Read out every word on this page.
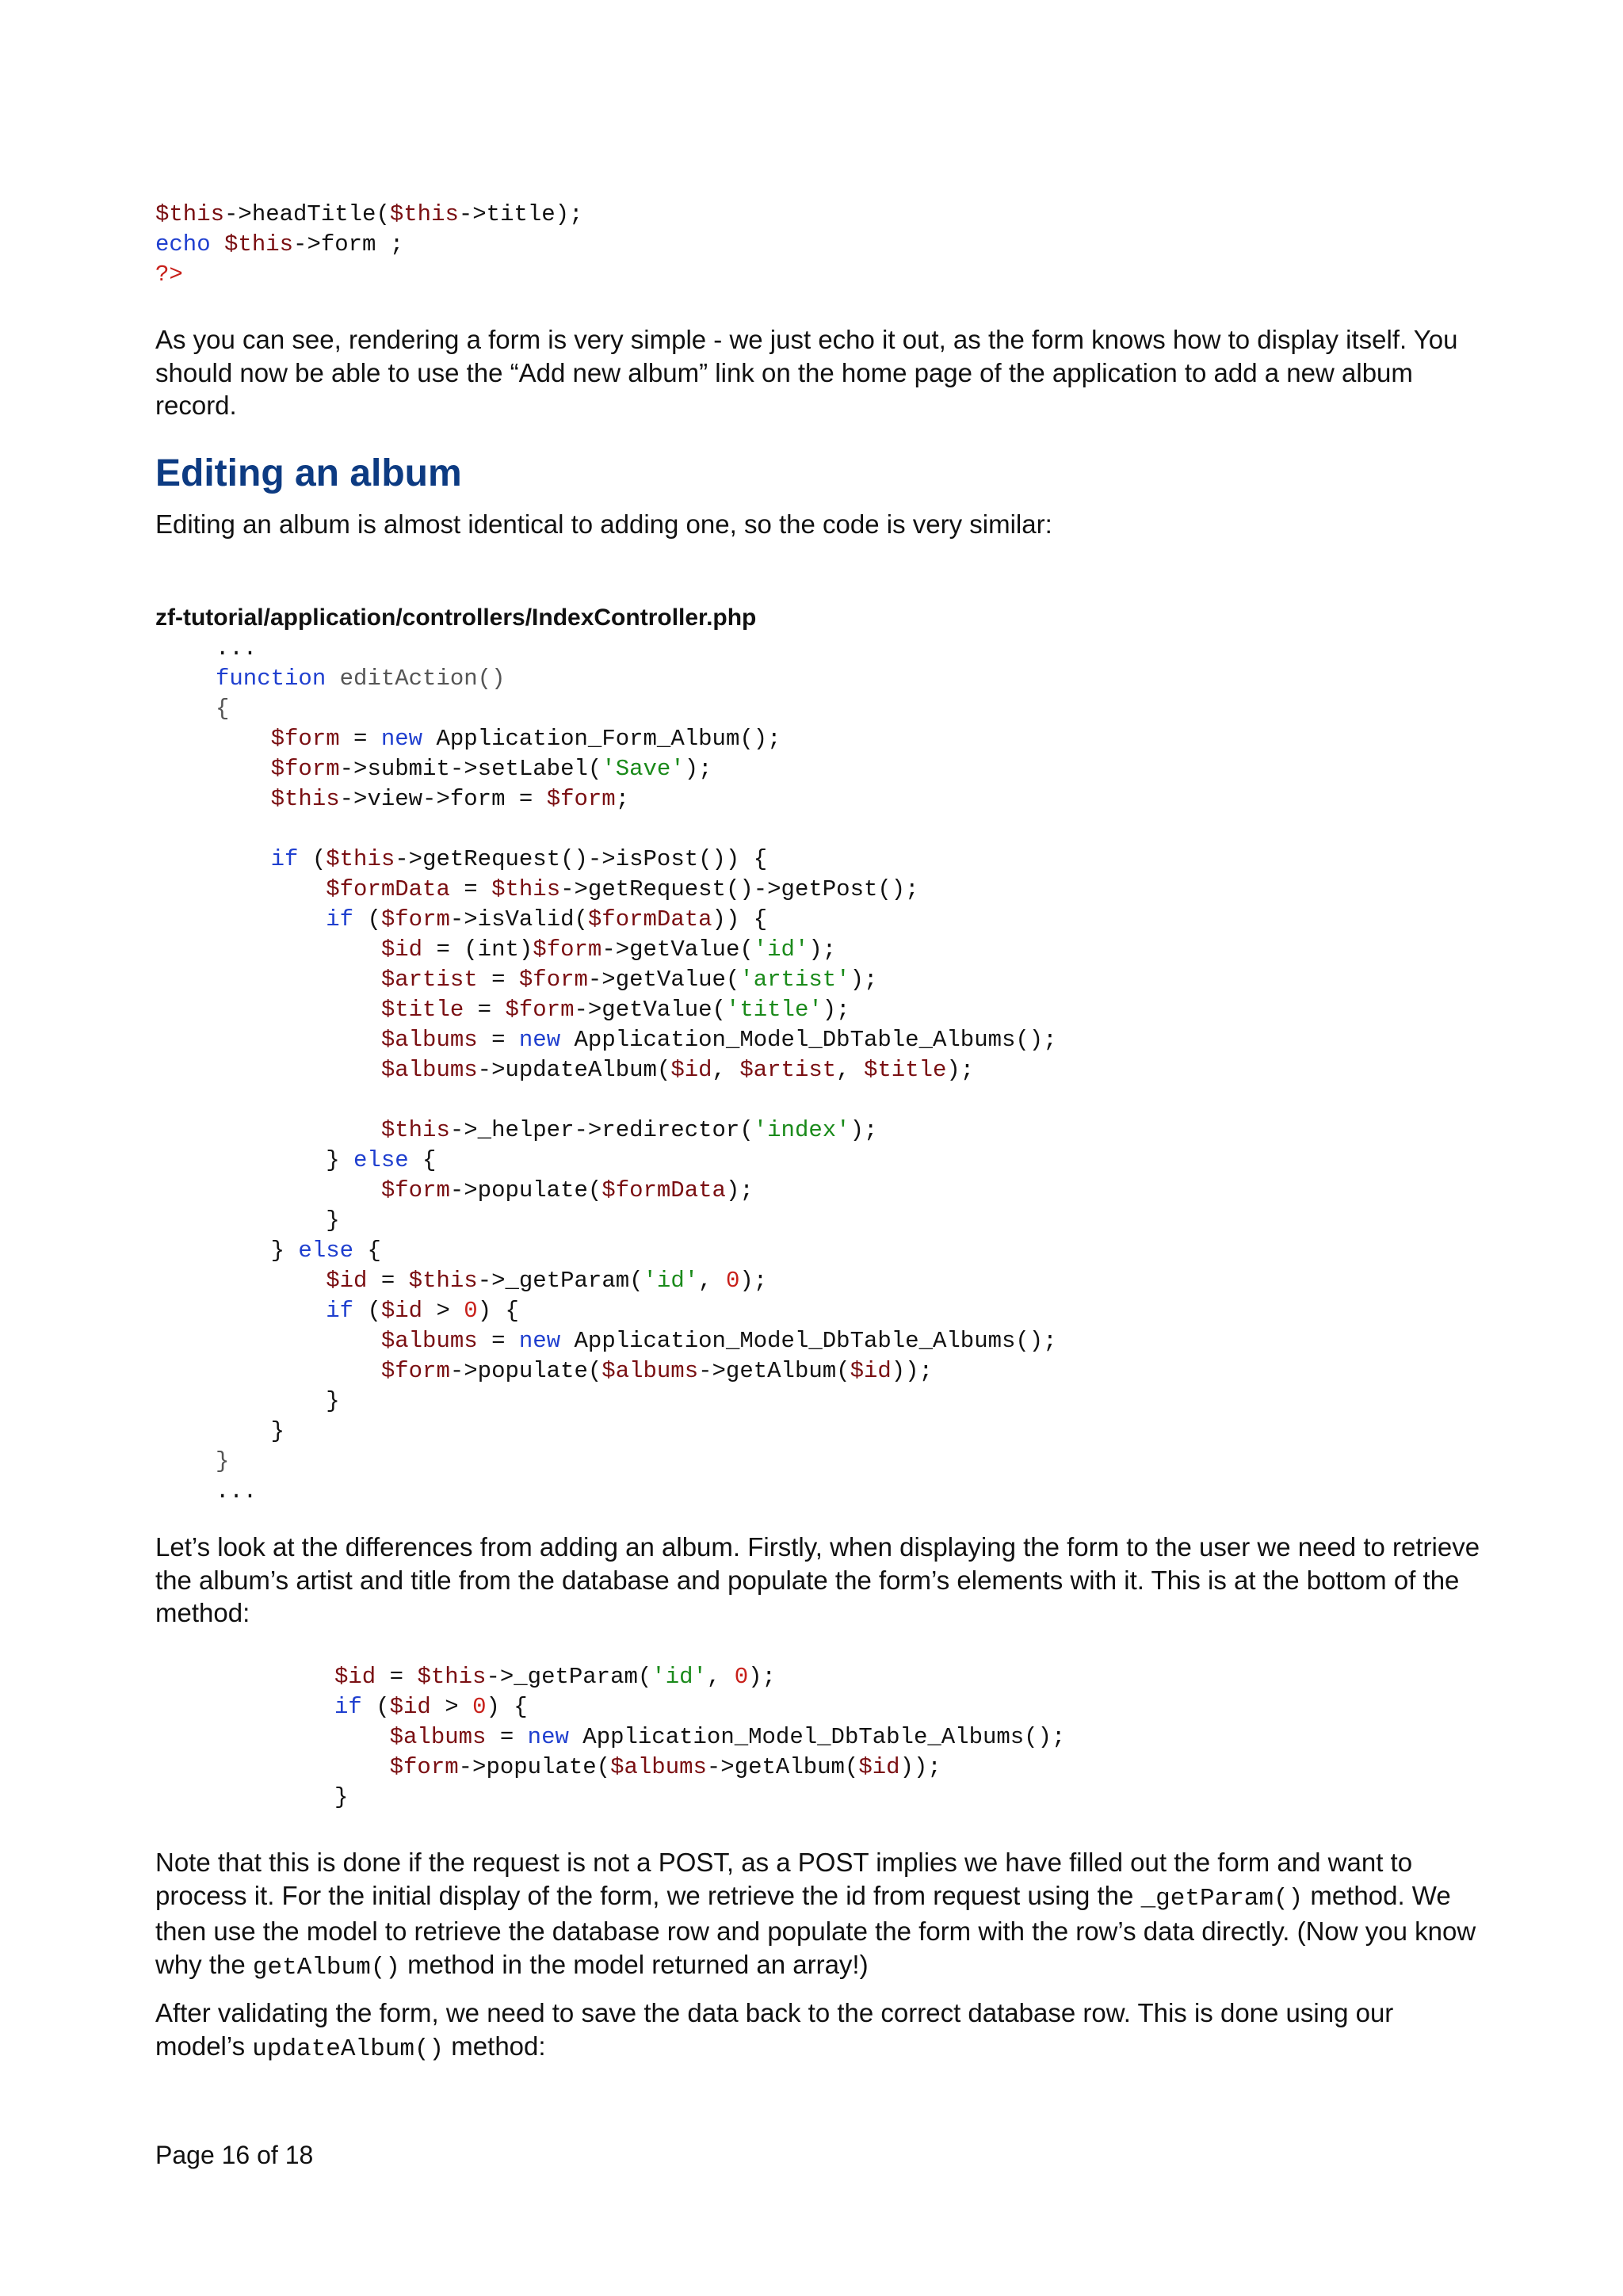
$this->headTitle($this->title);
echo $this->form ;
?>

As you can see, rendering a form is very simple - we just echo it out, as the form knows how to display itself. You should now be able to use the “Add new album” link on the home page of the application to add a new album record.

Editing an album

Editing an album is almost identical to adding one, so the code is very similar:

zf-tutorial/application/controllers/IndexController.php

...
function editAction()
{
$form = new Application_Form_Album();
$form->submit->setLabel('Save');
$this->view->form = $form;
if ($this->getRequest()->isPost()) {
$formData = $this->getRequest()->getPost();
if ($form->isValid($formData)) {
$id = (int)$form->getValue('id');
$artist = $form->getValue('artist');
$title = $form->getValue('title');
$albums = new Application_Model_DbTable_Albums();
$albums->updateAlbum($id, $artist, $title);
$this->_helper->redirector('index');
} else {
$form->populate($formData);
}
} else {
$id = $this->_getParam('id', 0);
if ($id > 0) {
$albums = new Application_Model_DbTable_Albums();
$form->populate($albums->getAlbum($id));
}
}
}
...

Let’s look at the differences from adding an album. Firstly, when displaying the form to the user we need to retrieve the album’s artist and title from the database and populate the form’s elements with it. This is at the bottom of the method:

$id = $this->_getParam('id', 0);
if ($id > 0) {
$albums = new Application_Model_DbTable_Albums();
$form->populate($albums->getAlbum($id));
}

Note that this is done if the request is not a POST, as a POST implies we have filled out the form and want to process it. For the initial display of the form, we retrieve the id from request using the _getParam() method. We then use the model to retrieve the database row and populate the form with the row’s data directly. (Now you know why the getAlbum() method in the model returned an array!)

After validating the form, we need to save the data back to the correct database row. This is done using our model’s updateAlbum() method:

Page 16 of 18
